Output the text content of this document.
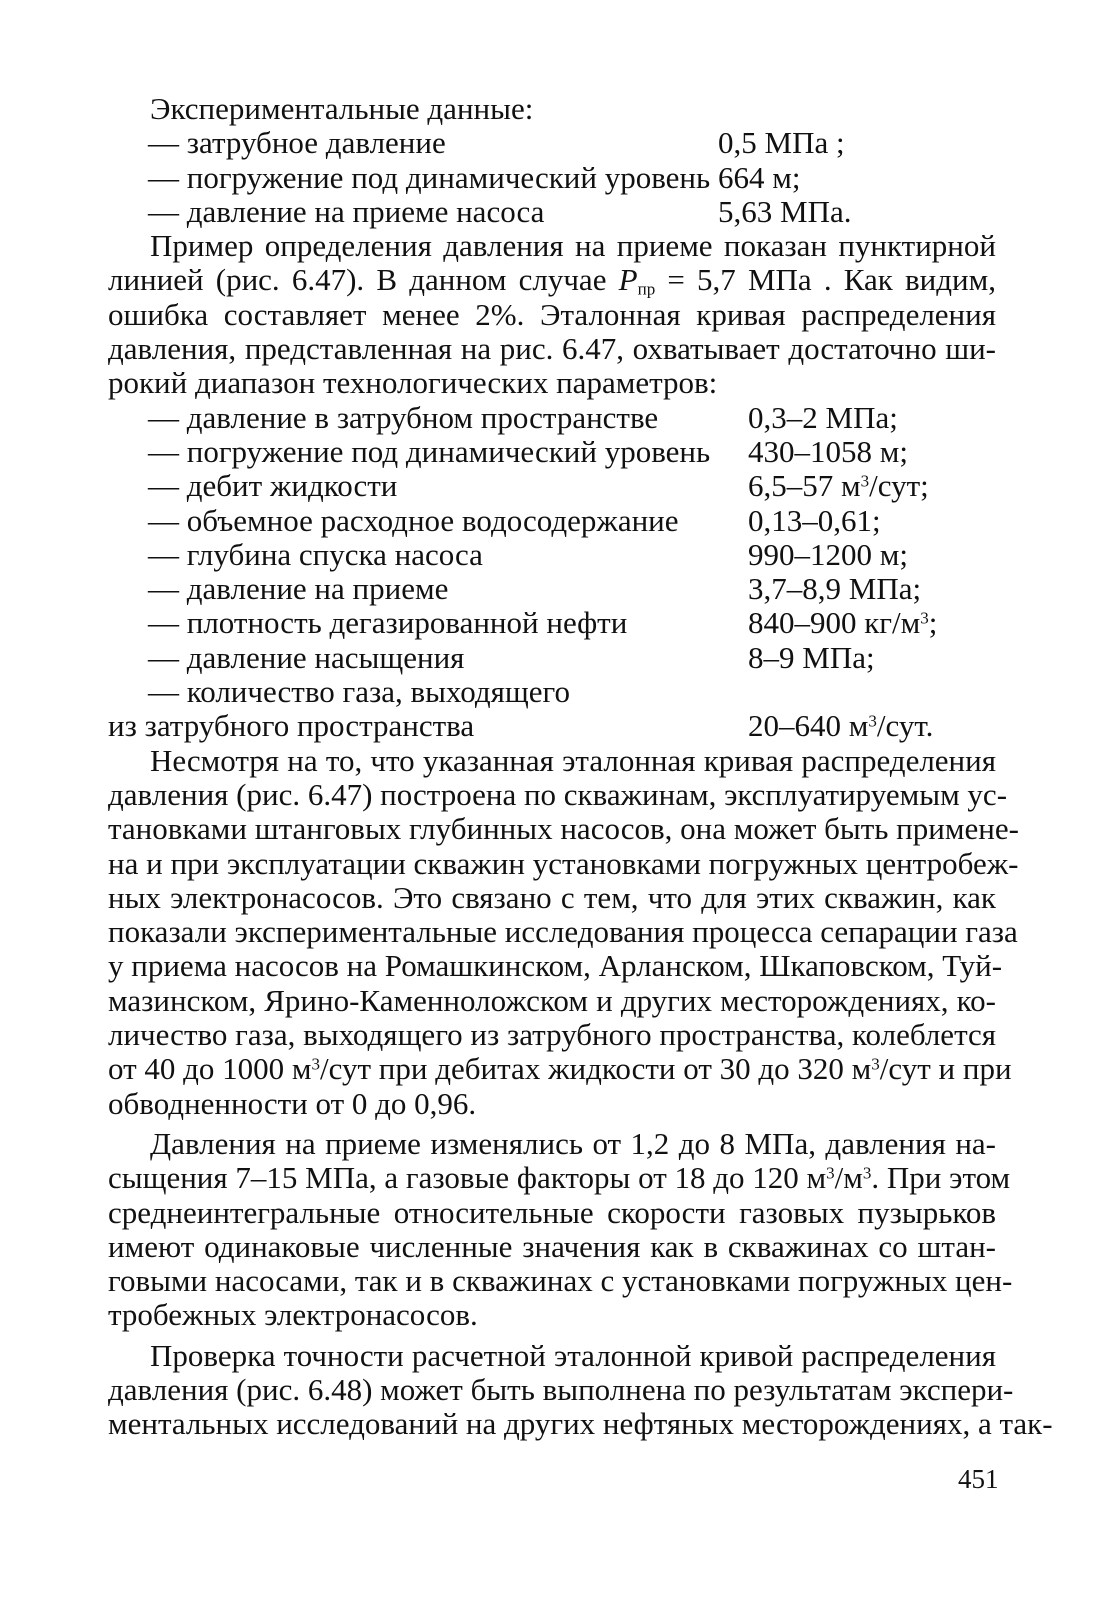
Экспериментальные данные:
— затрубное давление	0,5 МПа ;
— погружение под динамический уровень 664 м;
— давление на приеме насоса	5,63 МПа.
Пример определения давления на приеме показан пунктирной
линией (рис. 6.47). В данном случае $Р_{пр} = 5,7$ МПа . Как видим,
ошибка составляет менее 2%. Эталонная кривая распределения
давления, представленная на рис. 6.47, охватывает достаточно ши-
рокий диапазон технологических параметров:
— давление в затрубном пространстве	0,3–2 МПа;
— погружение под динамический уровень 430–1058 м;
— дебит жидкости	6,5–57 $м^3$/сут;
— объемное расходное водосодержание 0,13–0,61;
— глубина спуска насоса	990–1200 м;
— давление на приеме	3,7–8,9 МПа;
— плотность дегазированной нефти	840–900 $кг/м^3$;
— давление насыщения	8–9 МПа;
— количество газа, выходящего
из затрубного пространства	20–640 $м^3$/сут.
Несмотря на то, что указанная эталонная кривая распределения
давления (рис. 6.47) построена по скважинам, эксплуатируемым ус-
тановками штанговых глубинных насосов, она может быть примене-
на и при эксплуатации скважин установками погружных центробеж-
ных электронасосов. Это связано с тем, что для этих скважин, как
показали экспериментальные исследования процесса сепарации газа
у приема насосов на Ромашкинском, Арланском, Шкаповском, Туй-
мазинском, Ярино-Каменноложском и других месторождениях, ко-
личество газа, выходящего из затрубного пространства, колеблется
от 40 до 1000 $м^3$/сут при дебитах жидкости от 30 до 320 $м^3$/сут и при
обводненности от 0 до 0,96.
Давления на приеме изменялись от 1,2 до 8 МПа, давления на-
сыщения 7–15 МПа, а газовые факторы от 18 до 120 $м^3/м^3$. При этом
среднеинтегральные относительные скорости газовых пузырьков
имеют одинаковые численные значения как в скважинах со штан-
говыми насосами, так и в скважинах с установками погружных цен-
тробежных электронасосов.
Проверка точности расчетной эталонной кривой распределения
давления (рис. 6.48) может быть выполнена по результатам экспери-
ментальных исследований на других нефтяных месторождениях, а так-
451
